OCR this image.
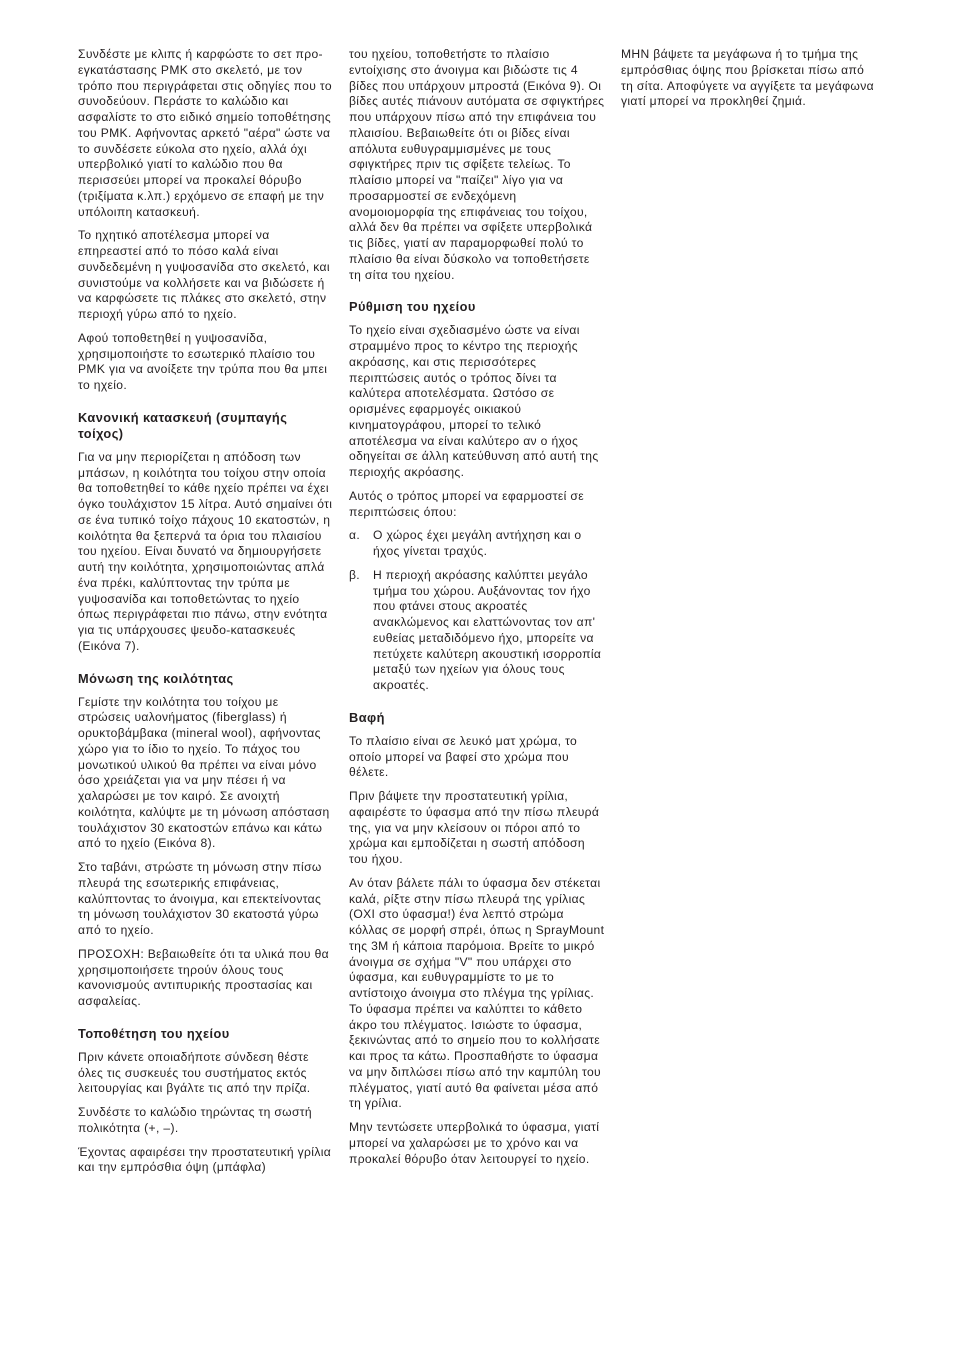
Συνδέστε με κλιπς ή καρφώστε το σετ προ-εγκατάστασης PMK στο σκελετό, με τον τρόπο που περιγράφεται στις οδηγίες που το συνοδεύουν. Περάστε το καλώδιο και ασφαλίστε το στο ειδικό σημείο τοποθέτησης του PMK. Αφήνοντας αρκετό "αέρα" ώστε να το συνδέσετε εύκολα στο ηχείο, αλλά όχι υπερβολικό γιατί το καλώδιο που θα περισσεύει μπορεί να προκαλεί θόρυβο (τριξίματα κ.λπ.) ερχόμενο σε επαφή με την υπόλοιπη κατασκευή.

Το ηχητικό αποτέλεσμα μπορεί να επηρεαστεί από το πόσο καλά είναι συνδεδεμένη η γυψοσανίδα στο σκελετό, και συνιστούμε να κολλήσετε και να βιδώσετε ή να καρφώσετε τις πλάκες στο σκελετό, στην περιοχή γύρω από το ηχείο.

Αφού τοποθετηθεί η γυψοσανίδα, χρησιμοποιήστε το εσωτερικό πλαίσιο του PMK για να ανοίξετε την τρύπα που θα μπει το ηχείο.

Κανονική κατασκευή (συμπαγής τοίχος)

Για να μην περιορίζεται η απόδοση των μπάσων, η κοιλότητα του τοίχου στην οποία θα τοποθετηθεί το κάθε ηχείο πρέπει να έχει όγκο τουλάχιστον 15 λίτρα. Αυτό σημαίνει ότι σε ένα τυπικό τοίχο πάχους 10 εκατοστών, η κοιλότητα θα ξεπερνά τα όρια του πλαισίου του ηχείου. Είναι δυνατό να δημιουργήσετε αυτή την κοιλότητα, χρησιμοποιώντας απλά ένα πρέκι, καλύπτοντας την τρύπα με γυψοσανίδα και τοποθετώντας το ηχείο όπως περιγράφεται πιο πάνω, στην ενότητα για τις υπάρχουσες ψευδο-κατασκευές (Εικόνα 7).

Μόνωση της κοιλότητας

Γεμίστε την κοιλότητα του τοίχου με στρώσεις υαλονήματος (fiberglass) ή ορυκτοβάμβακα (mineral wool), αφήνοντας χώρο για το ίδιο το ηχείο. Το πάχος του μονωτικού υλικού θα πρέπει να είναι μόνο όσο χρειάζεται για να μην πέσει ή να χαλαρώσει με τον καιρό. Σε ανοιχτή κοιλότητα, καλύψτε με τη μόνωση απόσταση τουλάχιστον 30 εκατοστών επάνω και κάτω από το ηχείο (Εικόνα 8).

Στο ταβάνι, στρώστε τη μόνωση στην πίσω πλευρά της εσωτερικής επιφάνειας, καλύπτοντας το άνοιγμα, και επεκτείνοντας τη μόνωση τουλάχιστον 30 εκατοστά γύρω από το ηχείο.

ΠΡΟΣΟΧΗ: Βεβαιωθείτε ότι τα υλικά που θα χρησιμοποιήσετε τηρούν όλους τους κανονισμούς αντιπυρικής προστασίας και ασφαλείας.

Τοποθέτηση του ηχείου

Πριν κάνετε οποιαδήποτε σύνδεση θέστε όλες τις συσκευές του συστήματος εκτός λειτουργίας και βγάλτε τις από την πρίζα.

Συνδέστε το καλώδιο τηρώντας τη σωστή πολικότητα (+, –).

Έχοντας αφαιρέσει την προστατευτική γρίλια και την εμπρόσθια όψη (μπάφλα)

του ηχείου, τοποθετήστε το πλαίσιο εντοίχισης στο άνοιγμα και βιδώστε τις 4 βίδες που υπάρχουν μπροστά (Εικόνα 9). Οι βίδες αυτές πιάνουν αυτόματα σε σφιγκτήρες που υπάρχουν πίσω από την επιφάνεια του πλαισίου. Βεβαιωθείτε ότι οι βίδες είναι απόλυτα ευθυγραμμισμένες με τους σφιγκτήρες πριν τις σφίξετε τελείως. Το πλαίσιο μπορεί να "παίζει" λίγο για να προσαρμοστεί σε ενδεχόμενη ανομοιομορφία της επιφάνειας του τοίχου, αλλά δεν θα πρέπει να σφίξετε υπερβολικά τις βίδες, γιατί αν παραμορφωθεί πολύ το πλαίσιο θα είναι δύσκολο να τοποθετήσετε τη σίτα του ηχείου.

Ρύθμιση του ηχείου

Το ηχείο είναι σχεδιασμένο ώστε να είναι στραμμένο προς το κέντρο της περιοχής ακρόασης, και στις περισσότερες περιπτώσεις αυτός ο τρόπος δίνει τα καλύτερα αποτελέσματα. Ωστόσο σε ορισμένες εφαρμογές οικιακού κινηματογράφου, μπορεί το τελικό αποτέλεσμα να είναι καλύτερο αν ο ήχος οδηγείται σε άλλη κατεύθυνση από αυτή της περιοχής ακρόασης.

Αυτός ο τρόπος μπορεί να εφαρμοστεί σε περιπτώσεις όπου:

α.	Ο χώρος έχει μεγάλη αντήχηση και ο ήχος γίνεται τραχύς.

β.	Η περιοχή ακρόασης καλύπτει μεγάλο τμήμα του χώρου. Αυξάνοντας τον ήχο που φτάνει στους ακροατές ανακλώμενος και ελαττώνοντας τον απ' ευθείας μεταδιδόμενο ήχο, μπορείτε να πετύχετε καλύτερη ακουστική ισορροπία μεταξύ των ηχείων για όλους τους ακροατές.

Βαφή

Το πλαίσιο είναι σε λευκό ματ χρώμα, το οποίο μπορεί να βαφεί στο χρώμα που θέλετε.

Πριν βάψετε την προστατευτική γρίλια, αφαιρέστε το ύφασμα από την πίσω πλευρά της, για να μην κλείσουν οι πόροι από το χρώμα και εμποδίζεται η σωστή απόδοση του ήχου.

Αν όταν βάλετε πάλι το ύφασμα δεν στέκεται καλά, ρίξτε στην πίσω πλευρά της γρίλιας (ΟΧΙ στο ύφασμα!) ένα λεπτό στρώμα κόλλας σε μορφή σπρέι, όπως η SprayMount της 3M ή κάποια παρόμοια. Βρείτε το μικρό άνοιγμα σε σχήμα "V" που υπάρχει στο ύφασμα, και ευθυγραμμίστε το με το αντίστοιχο άνοιγμα στο πλέγμα της γρίλιας. Το ύφασμα πρέπει να καλύπτει το κάθετο άκρο του πλέγματος. Ισιώστε το ύφασμα, ξεκινώντας από το σημείο που το κολλήσατε και προς τα κάτω. Προσπαθήστε το ύφασμα να μην διπλώσει πίσω από την καμπύλη του πλέγματος, γιατί αυτό θα φαίνεται μέσα από τη γρίλια.

Μην τεντώσετε υπερβολικά το ύφασμα, γιατί μπορεί να χαλαρώσει με το χρόνο και να προκαλεί θόρυβο όταν λειτουργεί το ηχείο.

ΜΗΝ βάψετε τα μεγάφωνα ή το τμήμα της εμπρόσθιας όψης που βρίσκεται πίσω από τη σίτα. Αποφύγετε να αγγίξετε τα μεγάφωνα γιατί μπορεί να προκληθεί ζημιά.
